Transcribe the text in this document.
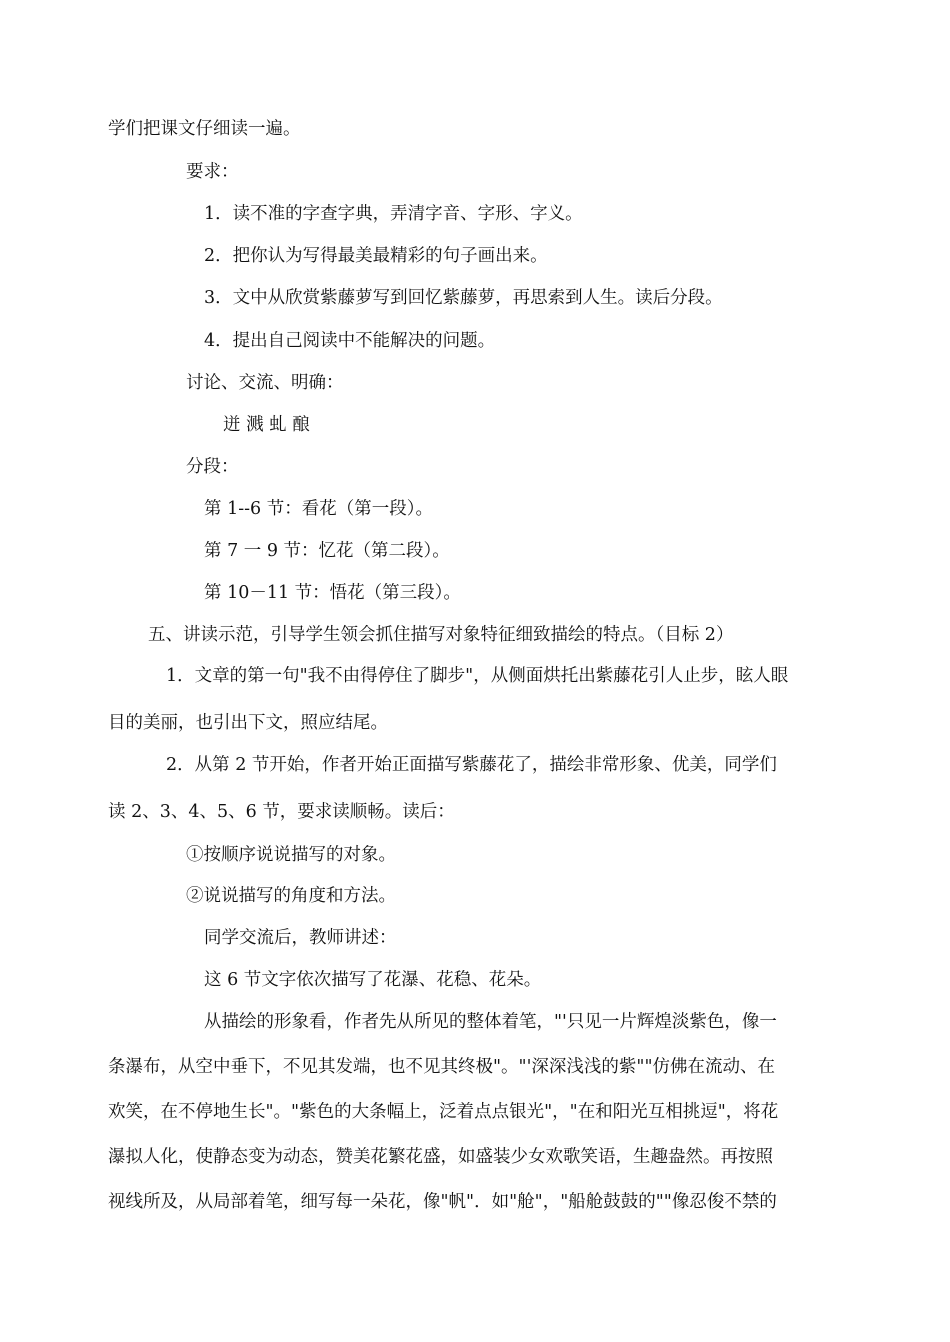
学们把课文仔细读一遍。
要求：
1．读不准的字查字典，弄清字音、字形、字义。
2．把你认为写得最美最精彩的句子画出来。
3．文中从欣赏紫藤萝写到回忆紫藤萝，再思索到人生。读后分段。
4．提出自己阅读中不能解决的问题。
讨论、交流、明确：
迸 溅 虬 酿
分段：
第 1--6 节：看花（第一段）。
第 7 一 9 节：忆花（第二段）。
第 10－11 节：悟花（第三段）。
五、讲读示范，引导学生领会抓住描写对象特征细致描绘的特点。（目标 2）
1．文章的第一句"我不由得停住了脚步"，从侧面烘托出紫藤花引人止步，眩人眼
目的美丽，也引出下文，照应结尾。
2．从第 2 节开始，作者开始正面描写紫藤花了，描绘非常形象、优美，同学们
读 2、3、4、5、6 节，要求读顺畅。读后：
①按顺序说说描写的对象。
②说说描写的角度和方法。
同学交流后，教师讲述：
这 6 节文字依次描写了花瀑、花稳、花朵。
从描绘的形象看，作者先从所见的整体着笔，"'只见一片辉煌淡紫色，像一
条瀑布，从空中垂下，不见其发端，也不见其终极"。"'深深浅浅的紫""仿佛在流动、在
欢笑，在不停地生长"。"紫色的大条幅上，泛着点点银光"，"在和阳光互相挑逗"，将花
瀑拟人化，使静态变为动态，赞美花繁花盛，如盛装少女欢歌笑语，生趣盎然。再按照
视线所及，从局部着笔，细写每一朵花，像"帆"．如"舱"，"船舱鼓鼓的""像忍俊不禁的
